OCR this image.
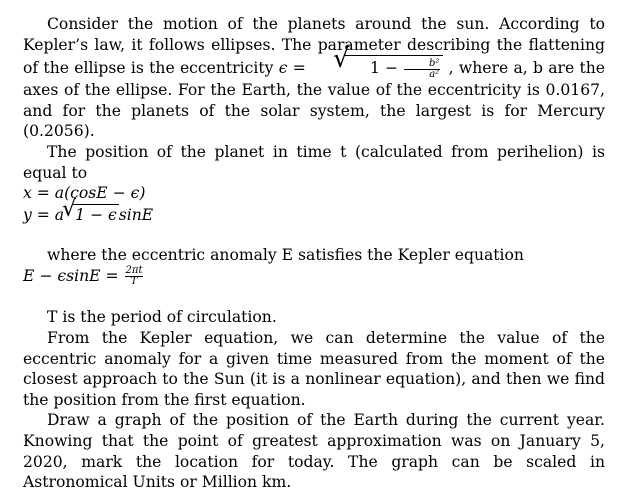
Consider the motion of the planets around the sun. According to Kepler’s law, it follows ellipses. The parameter describing the flattening of the ellipse is the eccentricity ϵ =	√ $1 - \frac{\text{b²}}{\text{a²}}$ , where a, b are the axes of the ellipse. For the Earth, the value of the eccentricity is 0.0167, and for the planets of the solar system, the largest is for Mercury (0.2056).

The position of the planet in time t (calculated from perihelion) is equal to

x = a(cosE − ϵ)
y = a √ 1 − ϵ sinE

where the eccentric anomaly E satisfies the Kepler equation

$E - \epsilon\sin E = \frac{2\pi t}{T}$

T is the period of circulation.

From the Kepler equation, we can determine the value of the eccentric anomaly for a given time measured from the moment of the closest approach to the Sun (it is a nonlinear equation), and then we find the position from the first equation.

Draw a graph of the position of the Earth during the current year. Knowing that the point of greatest approximation was on January 5, 2020, mark the location for today. The graph can be scaled in Astronomical Units or Million km.
